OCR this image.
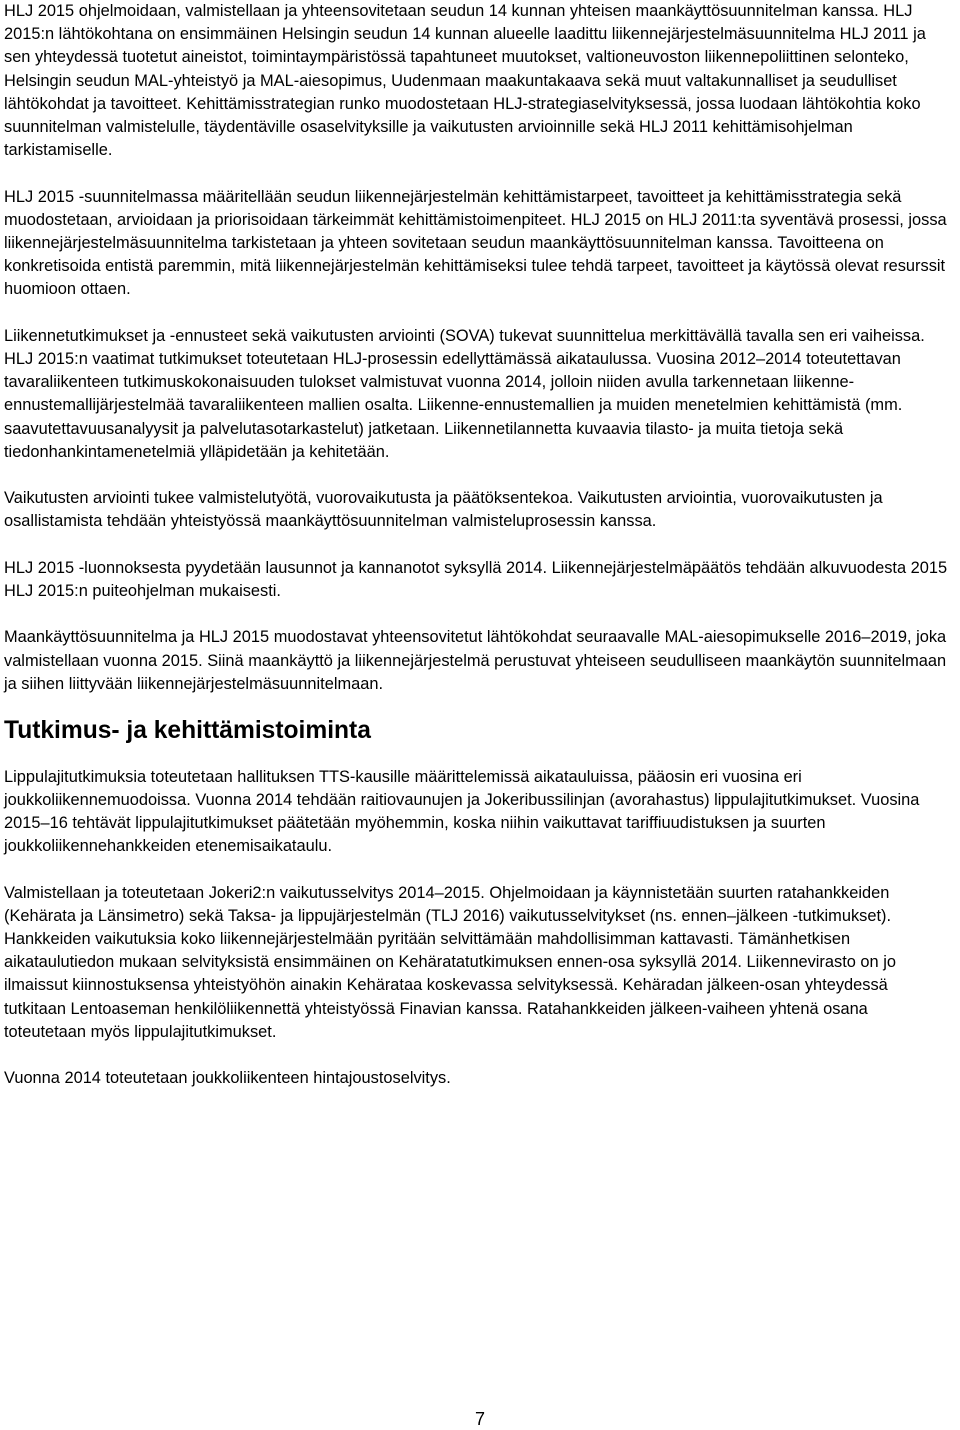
HLJ 2015 ohjelmoidaan, valmistellaan ja yhteensovitetaan seudun 14 kunnan yhteisen maankäyttösuunnitelman kanssa. HLJ 2015:n lähtökohtana on ensimmäinen Helsingin seudun 14 kunnan alueelle laadittu liikennejärjestelmäsuunnitelma HLJ 2011 ja sen yhteydessä tuotetut aineistot, toimintaympäristössä tapahtuneet muutokset, valtioneuvoston liikennepoliittinen selonteko, Helsingin seudun MAL-yhteistyö ja MAL-aiesopimus, Uudenmaan maakuntakaava sekä muut valtakunnalliset ja seudulliset lähtökohdat ja tavoitteet. Kehittämisstrategian runko muodostetaan HLJ-strategiaselvityksessä, jossa luodaan lähtökohtia koko suunnitelman valmistelulle, täydentäville osaselvityksille ja vaikutusten arvioinnille sekä HLJ 2011 kehittämisohjelman tarkistamiselle.

HLJ 2015 -suunnitelmassa määritellään seudun liikennejärjestelmän kehittämistarpeet, tavoitteet ja kehittämisstrategia sekä muodostetaan, arvioidaan ja priorisoidaan tärkeimmät kehittämistoimenpiteet. HLJ 2015 on HLJ 2011:ta syventävä prosessi, jossa liikennejärjestelmäsuunnitelma tarkistetaan ja yhteen sovitetaan seudun maankäyttösuunnitelman kanssa. Tavoitteena on konkretisoida entistä paremmin, mitä liikennejärjestelmän kehittämiseksi tulee tehdä tarpeet, tavoitteet ja käytössä olevat resurssit huomioon ottaen.

Liikennetutkimukset ja -ennusteet sekä vaikutusten arviointi (SOVA) tukevat suunnittelua merkittävällä tavalla sen eri vaiheissa. HLJ 2015:n vaatimat tutkimukset toteutetaan HLJ-prosessin edellyttämässä aikataulussa. Vuosina 2012–2014 toteutettavan tavaraliikenteen tutkimuskokonaisuuden tulokset valmistuvat vuonna 2014, jolloin niiden avulla tarkennetaan liikenne-ennustemallijärjestelmää tavaraliikenteen mallien osalta. Liikenne-ennustemallien ja muiden menetelmien kehittämistä (mm. saavutettavuusanalyysit ja palvelutasotarkastelut) jatketaan. Liikennetilannetta kuvaavia tilasto- ja muita tietoja sekä tiedonhankintamenetelmiä ylläpidetään ja kehitetään.

Vaikutusten arviointi tukee valmistelutyötä, vuorovaikutusta ja päätöksentekoa. Vaikutusten arviointia, vuorovaikutusten ja osallistamista tehdään yhteistyössä maankäyttösuunnitelman valmisteluprosessin kanssa.

HLJ 2015 -luonnoksesta pyydetään lausunnot ja kannanotot syksyllä 2014. Liikennejärjestelmäpäätös tehdään alkuvuodesta 2015 HLJ 2015:n puiteohjelman mukaisesti.

Maankäyttösuunnitelma ja HLJ 2015 muodostavat yhteensovitetut lähtökohdat seuraavalle MAL-aiesopimukselle 2016–2019, joka valmistellaan vuonna 2015. Siinä maankäyttö ja liikennejärjestelmä perustuvat yhteiseen seudulliseen maankäytön suunnitelmaan ja siihen liittyvään liikennejärjestelmäsuunnitelmaan.

Tutkimus- ja kehittämistoiminta

Lippulajitutkimuksia toteutetaan hallituksen TTS-kausille määrittelemissä aikatauluissa, pääosin eri vuosina eri joukkoliikennemuodoissa. Vuonna 2014 tehdään raitiovaunujen ja Jokeribussilinjan (avorahastus) lippulajitutkimukset. Vuosina 2015–16 tehtävät lippulajitutkimukset päätetään myöhemmin, koska niihin vaikuttavat tariffiuudistuksen ja suurten joukkoliikennehankkeiden etenemisaikataulu.

Valmistellaan ja toteutetaan Jokeri2:n vaikutusselvitys 2014–2015. Ohjelmoidaan ja käynnistetään suurten ratahankkeiden (Kehärata ja Länsimetro) sekä Taksa- ja lippujärjestelmän (TLJ 2016) vaikutusselvitykset (ns. ennen–jälkeen -tutkimukset). Hankkeiden vaikutuksia koko liikennejärjestelmään pyritään selvittämään mahdollisimman kattavasti. Tämänhetkisen aikataulutiedon mukaan selvityksistä ensimmäinen on Kehäratatutkimuksen ennen-osa syksyllä 2014. Liikennevirasto on jo ilmaissut kiinnostuksensa yhteistyöhön ainakin Kehärataa koskevassa selvityksessä. Kehäradan jälkeen-osan yhteydessä tutkitaan Lentoaseman henkilöliikennettä yhteistyössä Finavian kanssa. Ratahankkeiden jälkeen-vaiheen yhtenä osana toteutetaan myös lippulajitutkimukset.

Vuonna 2014 toteutetaan joukkoliikenteen hintajoustoselvitys.

7
